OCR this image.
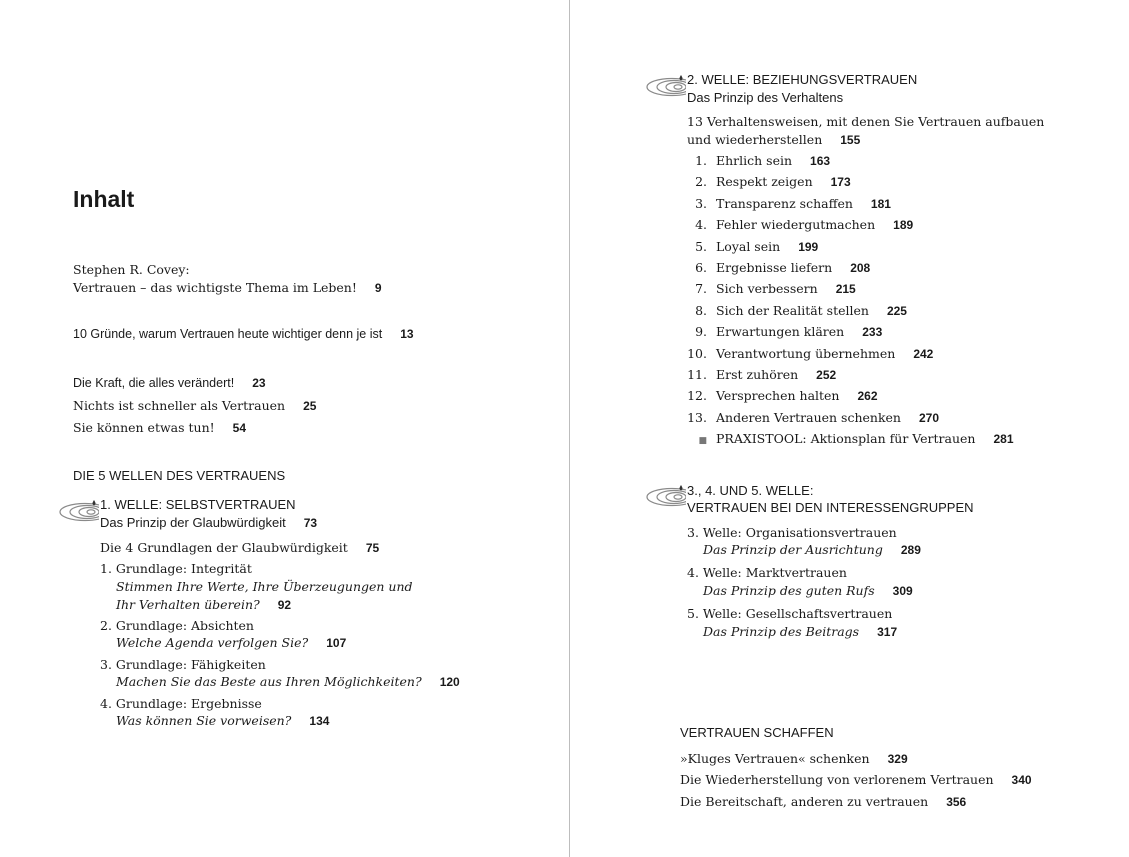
Inhalt
Stephen R. Covey:
Vertrauen – das wichtigste Thema im Leben! 9
10 Gründe, warum Vertrauen heute wichtiger denn je ist 13
Die Kraft, die alles verändert! 23
Nichts ist schneller als Vertrauen 25
Sie können etwas tun! 54
DIE 5 WELLEN DES VERTRAUENS
1. WELLE: SELBSTVERTRAUEN
Das Prinzip der Glaubwürdigkeit 73
Die 4 Grundlagen der Glaubwürdigkeit 75
1. Grundlage: Integrität
Stimmen Ihre Werte, Ihre Überzeugungen und
Ihr Verhalten überein? 92
2. Grundlage: Absichten
Welche Agenda verfolgen Sie? 107
3. Grundlage: Fähigkeiten
Machen Sie das Beste aus Ihren Möglichkeiten? 120
4. Grundlage: Ergebnisse
Was können Sie vorweisen? 134
2. WELLE: BEZIEHUNGSVERTRAUEN
Das Prinzip des Verhaltens
13 Verhaltensweisen, mit denen Sie Vertrauen aufbauen
und wiederherstellen 155
1. Ehrlich sein 163
2. Respekt zeigen 173
3. Transparenz schaffen 181
4. Fehler wiedergutmachen 189
5. Loyal sein 199
6. Ergebnisse liefern 208
7. Sich verbessern 215
8. Sich der Realität stellen 225
9. Erwartungen klären 233
10. Verantwortung übernehmen 242
11. Erst zuhören 252
12. Versprechen halten 262
13. Anderen Vertrauen schenken 270
■ PRAXISTOOL: Aktionsplan für Vertrauen 281
3., 4. UND 5. WELLE:
VERTRAUEN BEI DEN INTERESSENGRUPPEN
3. Welle: Organisationsvertrauen
Das Prinzip der Ausrichtung 289
4. Welle: Marktvertrauen
Das Prinzip des guten Rufs 309
5. Welle: Gesellschaftsvertrauen
Das Prinzip des Beitrags 317
VERTRAUEN SCHAFFEN
»Kluges Vertrauen« schenken 329
Die Wiederherstellung von verlorenem Vertrauen 340
Die Bereitschaft, anderen zu vertrauen 356
